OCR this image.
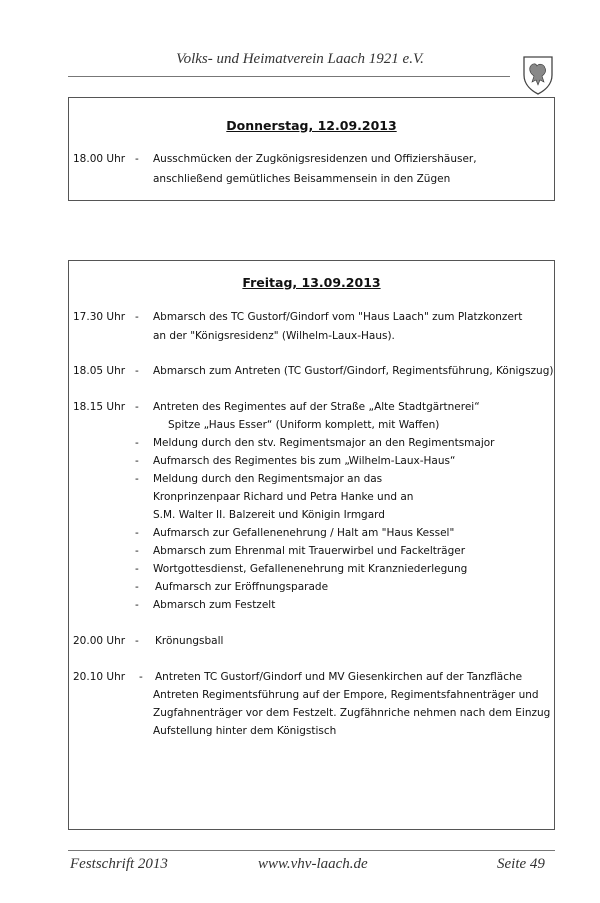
Volks- und Heimatverein Laach 1921 e.V.
Donnerstag, 12.09.2013
18.00 Uhr - Ausschmücken der Zugkönigsresidenzen und Offiziershäuser,
anschließend gemütliches Beisammensein in den Zügen
Freitag, 13.09.2013
17.30 Uhr - Abmarsch des TC Gustorf/Gindorf vom "Haus Laach" zum Platzkonzert
an der "Königsresidenz" (Wilhelm-Laux-Haus).
18.05 Uhr - Abmarsch zum Antreten (TC Gustorf/Gindorf, Regimentsführung, Königszug)
18.15 Uhr - Antreten des Regimentes auf der Straße „Alte Stadtgärtnerei“
Spitze „Haus Esser“ (Uniform komplett, mit Waffen)
- Meldung durch den stv. Regimentsmajor an den Regimentsmajor
- Aufmarsch des Regimentes bis zum „Wilhelm-Laux-Haus“
- Meldung durch den Regimentsmajor an das
Kronprinzenpaar Richard und Petra Hanke und an
S.M. Walter II. Balzereit und Königin Irmgard
- Aufmarsch zur Gefallenenehrung / Halt am "Haus Kessel"
- Abmarsch zum Ehrenmal mit Trauerwirbel und Fackelträger
- Wortgottesdienst, Gefallenenehrung mit Kranzniederlegung
- Aufmarsch zur Eröffnungsparade
- Abmarsch zum Festzelt
20.00 Uhr - Krönungsball
20.10 Uhr - Antreten TC Gustorf/Gindorf und MV Giesenkirchen auf der Tanzfläche
Antreten Regimentsführung auf der Empore, Regimentsfahnenträger und
Zugfahnenträger vor dem Festzelt. Zugfähnriche nehmen nach dem Einzug
Aufstellung hinter dem Königstisch
Festschrift 2013	www.vhv-laach.de	Seite 49
